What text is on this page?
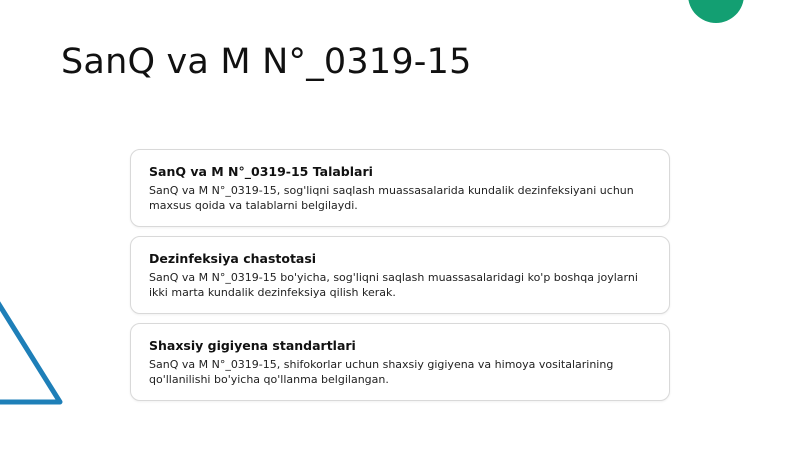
SanQ va M N°_0319-15
SanQ va M N°_0319-15 Talablari

SanQ va M N°_0319-15, sog'liqni saqlash muassasalarida kundalik dezinfeksiyani uchun maxsus qoida va talablarni belgilaydi.

Dezinfeksiya chastotasi

SanQ va M N°_0319-15 bo'yicha, sog'liqni saqlash muassasalaridagi ko'p boshqa joylarni ikki marta kundalik dezinfeksiya qilish kerak.

Shaxsiy gigiyena standartlari

SanQ va M N°_0319-15, shifokorlar uchun shaxsiy gigiyena va himoya vositalarining qo'llanilishi bo'yicha qo'llanma belgilangan.
